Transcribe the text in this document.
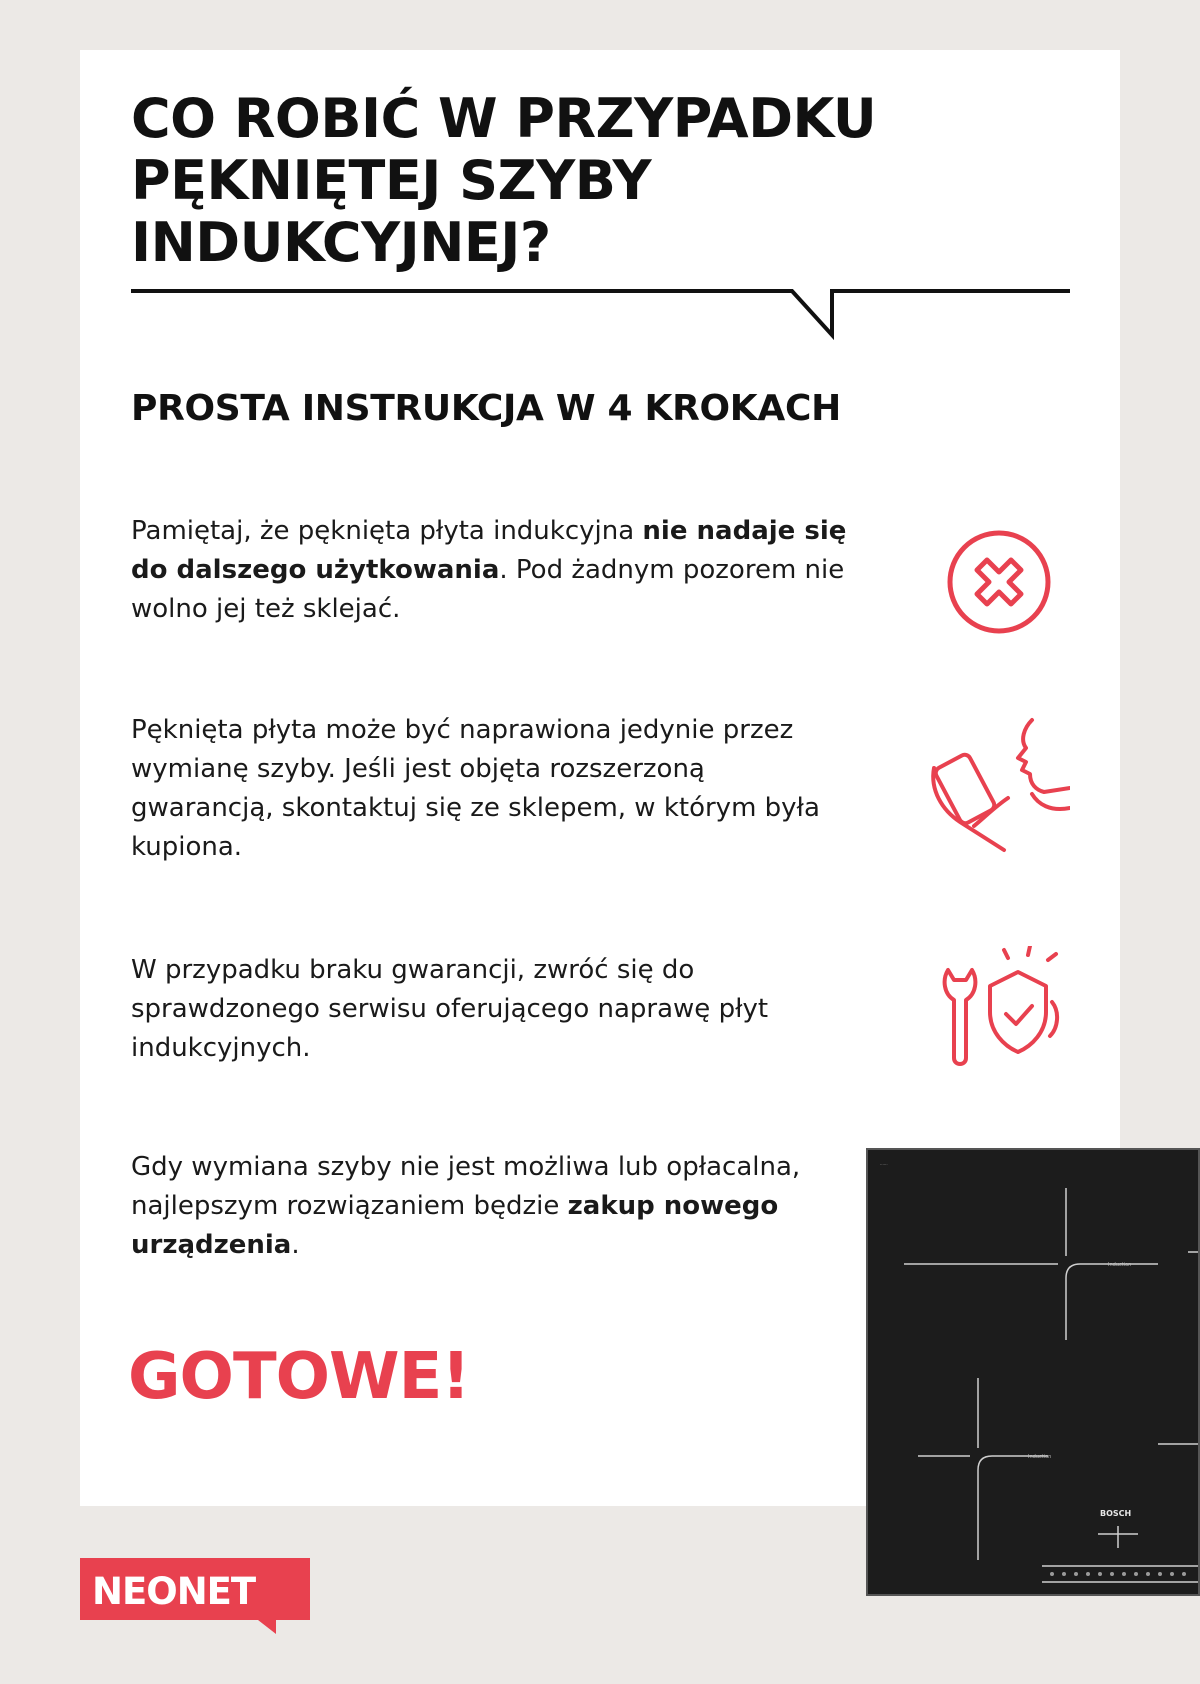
CO ROBIĆ W PRZYPADKU PĘKNIĘTEJ SZYBY INDUKCYJNEJ?
PROSTA INSTRUKCJA W 4 KROKACH

Pamiętaj, że pęknięta płyta indukcyjna nie nadaje się do dalszego użytkowania. Pod żadnym pozorem nie wolno jej też sklejać.

Pęknięta płyta może być naprawiona jedynie przez wymianę szyby. Jeśli jest objęta rozszerzoną gwarancją, skontaktuj się ze sklepem, w którym była kupiona.

W przypadku braku gwarancji, zwróć się do sprawdzonego serwisu oferującego naprawę płyt indukcyjnych.

Gdy wymiana szyby nie jest możliwa lub opłacalna, najlepszym rozwiązaniem będzie zakup nowego urządzenia.

GOTOWE!
······
Induction
Induction
BOSCH
NEONET
